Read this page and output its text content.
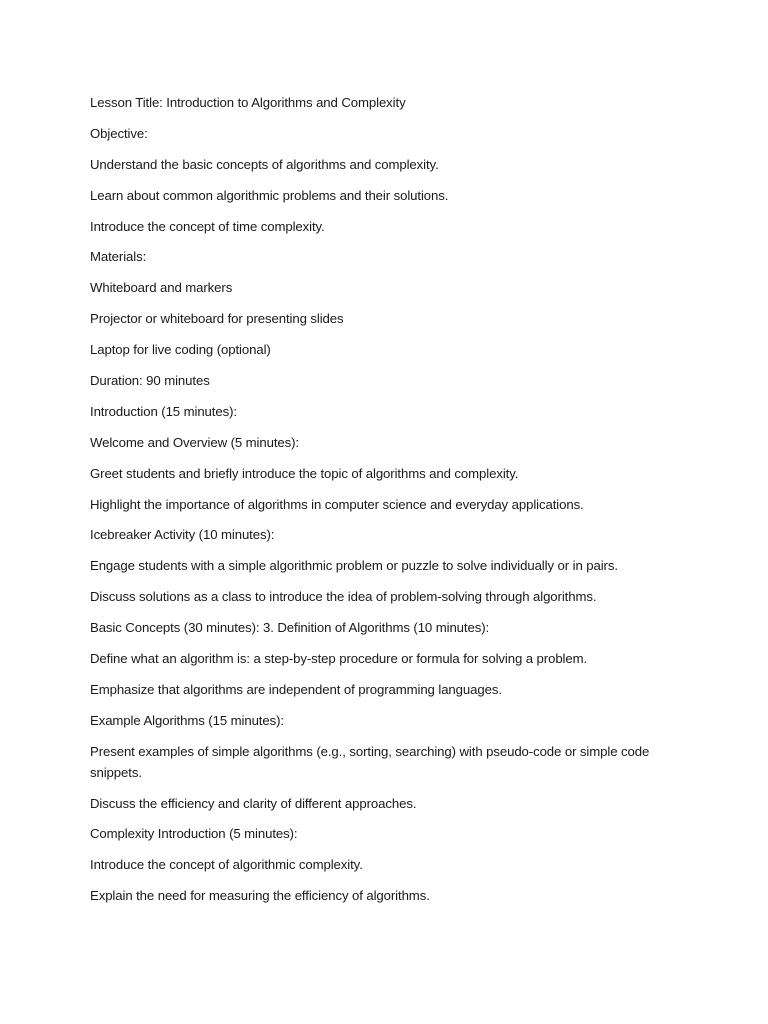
Lesson Title: Introduction to Algorithms and Complexity

Objective:

Understand the basic concepts of algorithms and complexity.

Learn about common algorithmic problems and their solutions.

Introduce the concept of time complexity.

Materials:

Whiteboard and markers

Projector or whiteboard for presenting slides

Laptop for live coding (optional)

Duration: 90 minutes

Introduction (15 minutes):

Welcome and Overview (5 minutes):

Greet students and briefly introduce the topic of algorithms and complexity.

Highlight the importance of algorithms in computer science and everyday applications.

Icebreaker Activity (10 minutes):

Engage students with a simple algorithmic problem or puzzle to solve individually or in pairs.

Discuss solutions as a class to introduce the idea of problem-solving through algorithms.

Basic Concepts (30 minutes): 3. Definition of Algorithms (10 minutes):

Define what an algorithm is: a step-by-step procedure or formula for solving a problem.

Emphasize that algorithms are independent of programming languages.

Example Algorithms (15 minutes):

Present examples of simple algorithms (e.g., sorting, searching) with pseudo-code or simple code snippets.

Discuss the efficiency and clarity of different approaches.

Complexity Introduction (5 minutes):

Introduce the concept of algorithmic complexity.

Explain the need for measuring the efficiency of algorithms.
